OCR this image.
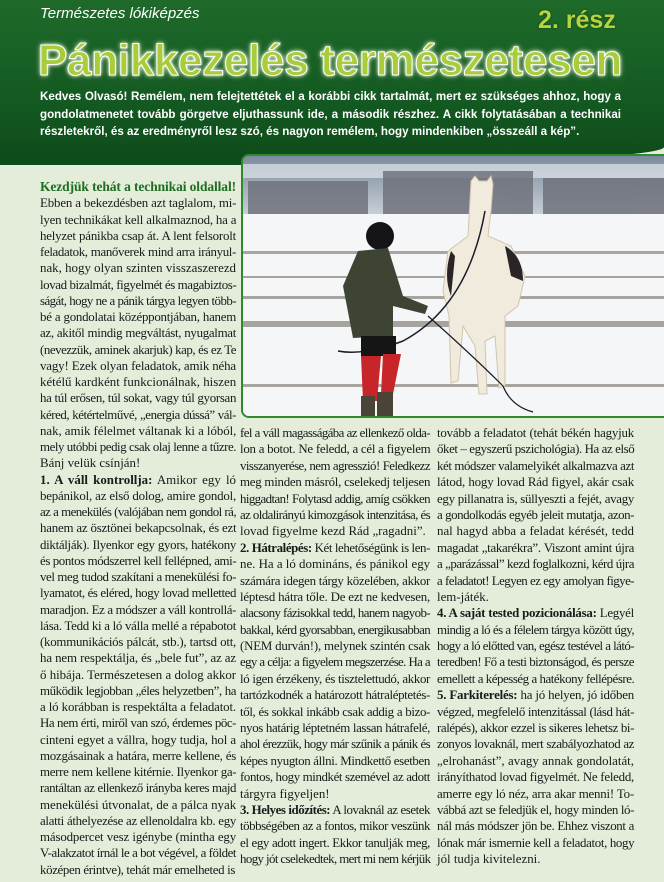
Természetes lókiképzés	2. rész
Pánikkezelés természetesen
Kedves Olvasó! Remélem, nem felejtettétek el a korábbi cikk tartalmát, mert ez szükséges ahhoz, hogy a gondolatmenetet tovább görgetve eljuthassunk ide, a második részhez. A cikk folytatásában a technikai részletekről, és az eredményről lesz szó, és nagyon remélem, hogy mindenkiben „összeáll a kép”.
Kezdjük tehát a technikai oldallal!
Ebben a bekezdésben azt taglalom, mi-
lyen technikákat kell alkalmaznod, ha a
helyzet pánikba csap át. A lent felsorolt
feladatok, manőverek mind arra irányul-
nak, hogy olyan szinten visszaszerezd
lovad bizalmát, figyelmét és magabiztos-
ságát, hogy ne a pánik tárgya legyen több-
bé a gondolatai középpontjában, hanem
az, akitől mindig megváltást, nyugalmat
(nevezzük, aminek akarjuk) kap, és ez Te
vagy! Ezek olyan feladatok, amik néha
kétélű kardként funkcionálnak, hiszen
ha túl erősen, túl sokat, vagy túl gyorsan
kéred, kétértelművé, „energia dússá” vál-
nak, amik félelmet váltanak ki a lóból,
mely utóbbi pedig csak olaj lenne a tűzre.
Bánj velük csínján!
1. A váll kontrollja: Amikor egy ló
bepánikol, az első dolog, amire gondol,
az a menekülés (valójában nem gondol rá,
hanem az ösztönei bekapcsolnak, és ezt
diktálják). Ilyenkor egy gyors, hatékony
és pontos módszerrel kell fellépned, ami-
vel meg tudod szakítani a menekülési fo-
lyamatot, és eléred, hogy lovad melletted
maradjon. Ez a módszer a váll kontrollá-
lása. Tedd ki a ló válla mellé a répabotot
(kommunikációs pálcát, stb.), tartsd ott,
ha nem respektálja, és „bele fut”, az az
ő hibája. Természetesen a dolog akkor
működik legjobban „éles helyzetben”, ha
a ló korábban is respektálta a feladatot.
Ha nem érti, miről van szó, érdemes pöc-
cinteni egyet a vállra, hogy tudja, hol a
mozgásainak a határa, merre kellene, és
merre nem kellene kitérnie. Ilyenkor ga-
rantáltan az ellenkező irányba keres majd
menekülési útvonalat, de a pálca nyak
alatti áthelyezése az ellenoldalra kb. egy
másodpercet vesz igénybe (mintha egy
V-alakzatot írnál le a bot végével, a földet
középen érintve), tehát már emelheted is
fel a váll magasságába az ellenkező olda-
lon a botot. Ne feledd, a cél a figyelem
visszanyerése, nem agresszió! Feledkezz
meg minden másról, cselekedj teljesen
higgadtan! Folytasd addig, amíg csökken
az oldalirányú kimozgások intenzitása, és
lovad figyelme kezd Rád „ragadni”.
2. Hátralépés: Két lehetőségünk is len-
ne. Ha a ló domináns, és pánikol egy
számára idegen tárgy közelében, akkor
léptesd hátra tőle. De ezt ne kedvesen,
alacsony fázisokkal tedd, hanem nagyob-
bakkal, kérd gyorsabban, energikusabban
(NEM durván!), melynek szintén csak
egy a célja: a figyelem megszerzése. Ha a
ló igen érzékeny, és tisztelettudó, akkor
tartózkodnék a határozott hátraléptetés-
től, és sokkal inkább csak addig a bizo-
nyos határig léptetném lassan hátrafelé,
ahol érezzük, hogy már szűnik a pánik és
képes nyugton állni. Mindkettő esetben
fontos, hogy mindkét szemével az adott
tárgyra figyeljen!
3. Helyes időzítés: A lovaknál az esetek
többségében az a fontos, mikor veszünk
el egy adott ingert. Ekkor tanulják meg,
hogy jót cselekedtek, mert mi nem kérjük
tovább a feladatot (tehát békén hagyjuk
őket – egyszerű pszichológia). Ha az első
két módszer valamelyikét alkalmazva azt
látod, hogy lovad Rád figyel, akár csak
egy pillanatra is, süllyeszti a fejét, avagy
a gondolkodás egyéb jeleit mutatja, azon-
nal hagyd abba a feladat kérését, tedd
magadat „takarékra”. Viszont amint újra
a „parázással” kezd foglalkozni, kérd újra
a feladatot! Legyen ez egy amolyan figye-
lem-játék.
4. A saját tested pozicionálása: Legyél
mindig a ló és a félelem tárgya között úgy,
hogy a ló előtted van, egész testével a látó-
teredben! Fő a testi biztonságod, és persze
emellett a képesség a hatékony fellépésre.
5. Farkiterelés: ha jó helyen, jó időben
végzed, megfelelő intenzitással (lásd hát-
ralépés), akkor ezzel is sikeres lehetsz bi-
zonyos lovaknál, mert szabályozhatod az
„elrohanást”, avagy annak gondolatát,
irányíthatod lovad figyelmét. Ne feledd,
amerre egy ló néz, arra akar menni! To-
vábbá azt se feledjük el, hogy minden ló-
nál más módszer jön be. Ehhez viszont a
lónak már ismernie kell a feladatot, hogy
jól tudja kivitelezni.
